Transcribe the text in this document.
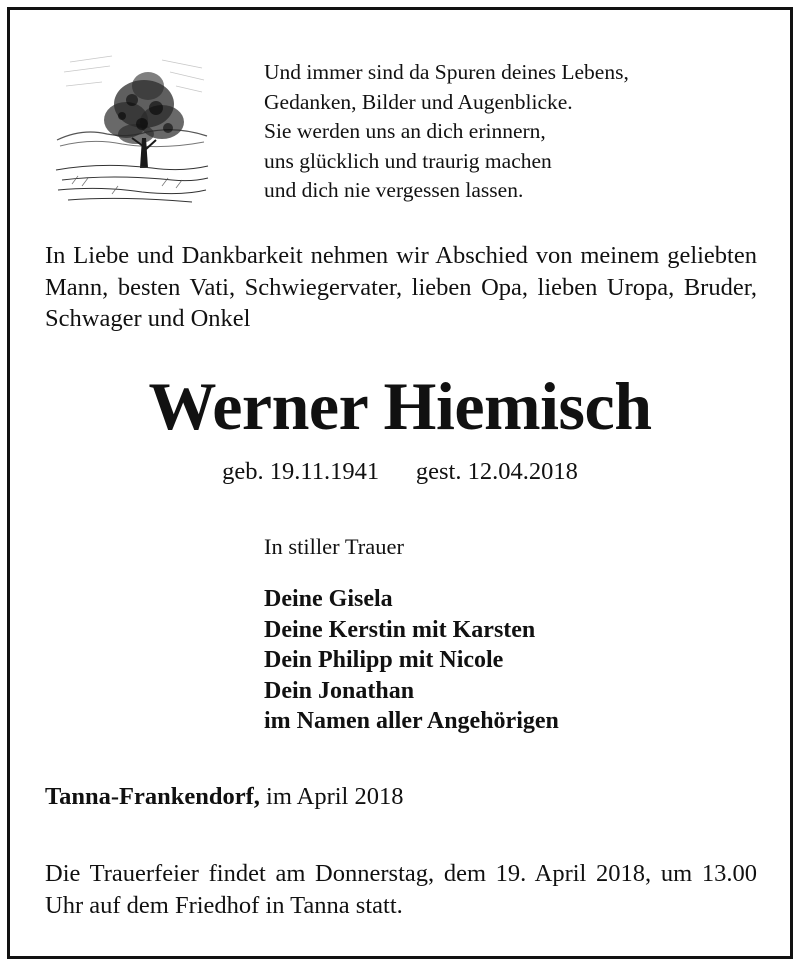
Und immer sind da Spuren deines Lebens,
Gedanken, Bilder und Augenblicke.
Sie werden uns an dich erinnern,
uns glücklich und traurig machen
und dich nie vergessen lassen.
In Liebe und Dankbarkeit nehmen wir Abschied von meinem geliebten Mann, besten Vati, Schwiegervater, lieben Opa, lieben Uropa, Bruder, Schwager und Onkel
Werner Hiemisch
geb. 19.11.1941 gest. 12.04.2018
In stiller Trauer
Deine Gisela
Deine Kerstin mit Karsten
Dein Philipp mit Nicole
Dein Jonathan
im Namen aller Angehörigen
Tanna-Frankendorf, im April 2018
Die Trauerfeier findet am Donnerstag, dem 19. April 2018, um 13.00 Uhr auf dem Friedhof in Tanna statt.
